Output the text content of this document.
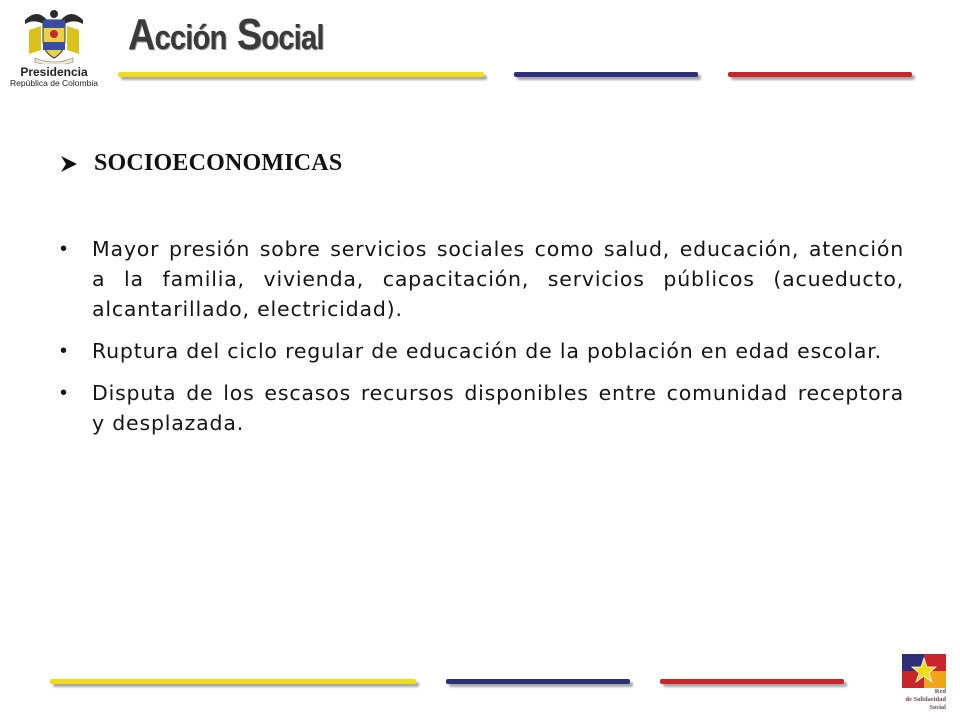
Presidencia
República de Colombia
Acción Social
SOCIOECONOMICAS
•	Mayor presión sobre servicios sociales como salud, educación, atención a la familia, vivienda, capacitación, servicios públicos (acueducto, alcantarillado, electricidad).
•	Ruptura del ciclo regular de educación de la población en edad escolar.
•	Disputa de los escasos recursos disponibles entre comunidad receptora y desplazada.
Red
de Solidaridad
Social
